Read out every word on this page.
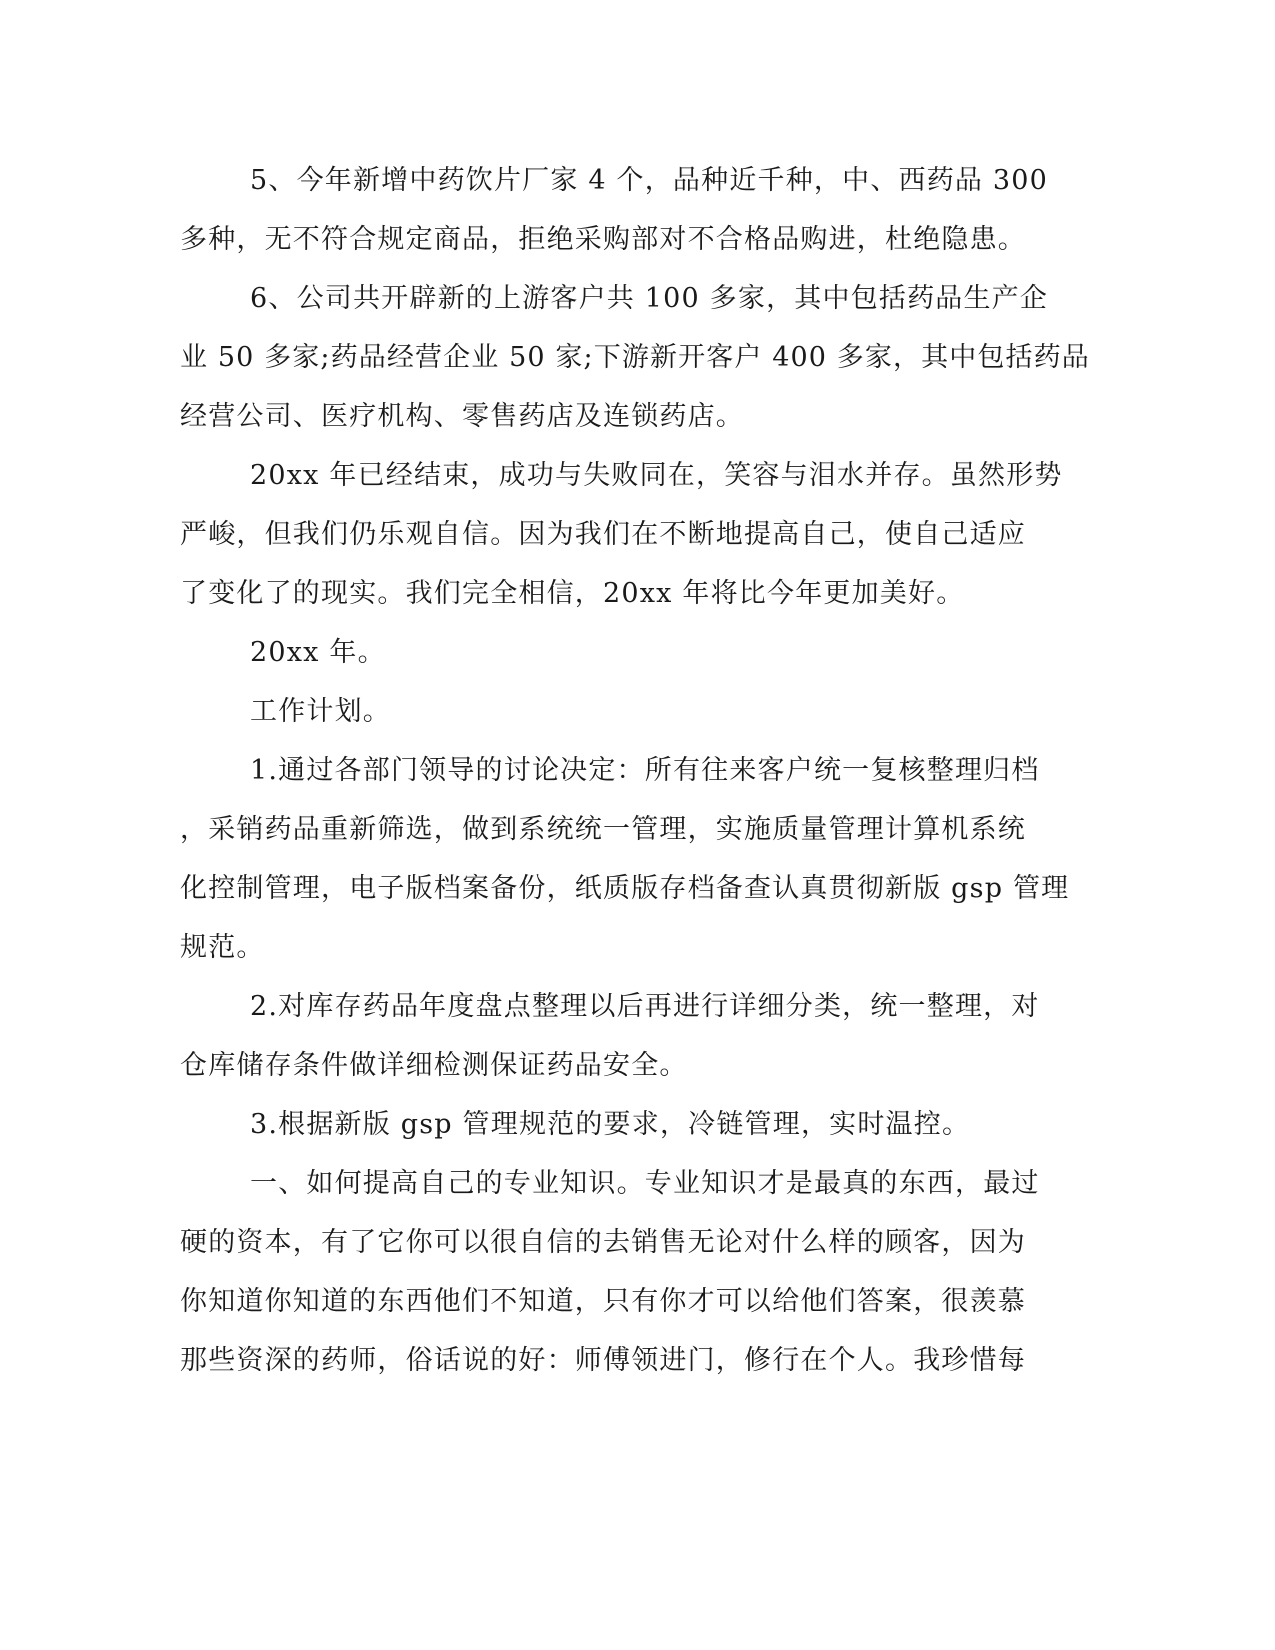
5、今年新增中药饮片厂家 4 个，品种近千种，中、西药品 300

多种，无不符合规定商品，拒绝采购部对不合格品购进，杜绝隐患。

6、公司共开辟新的上游客户共 100 多家，其中包括药品生产企

业 50 多家;药品经营企业 50 家;下游新开客户 400 多家，其中包括药品

经营公司、医疗机构、零售药店及连锁药店。

20xx 年已经结束，成功与失败同在，笑容与泪水并存。虽然形势

严峻，但我们仍乐观自信。因为我们在不断地提高自己，使自己适应

了变化了的现实。我们完全相信，20xx 年将比今年更加美好。

20xx 年。

工作计划。

1.通过各部门领导的讨论决定：所有往来客户统一复核整理归档

，采销药品重新筛选，做到系统统一管理，实施质量管理计算机系统

化控制管理，电子版档案备份，纸质版存档备查认真贯彻新版 gsp 管理

规范。

2.对库存药品年度盘点整理以后再进行详细分类，统一整理，对

仓库储存条件做详细检测保证药品安全。

3.根据新版 gsp 管理规范的要求，冷链管理，实时温控。

一、如何提高自己的专业知识。专业知识才是最真的东西，最过

硬的资本，有了它你可以很自信的去销售无论对什么样的顾客，因为

你知道你知道的东西他们不知道，只有你才可以给他们答案，很羡慕

那些资深的药师，俗话说的好：师傅领进门，修行在个人。我珍惜每
